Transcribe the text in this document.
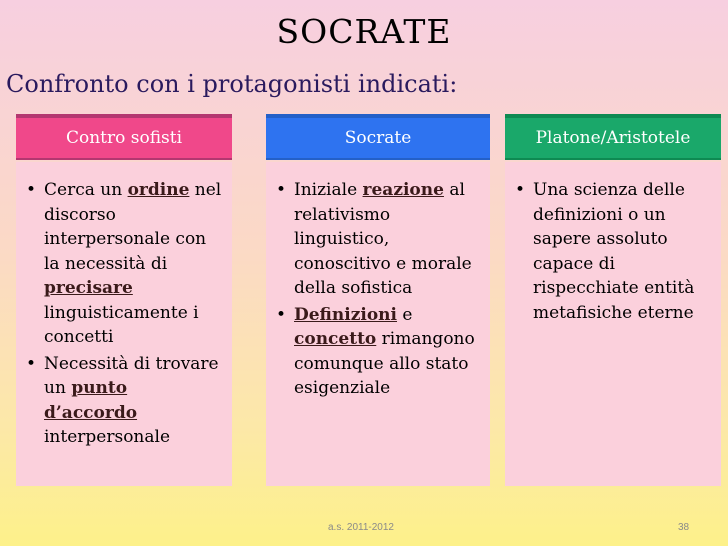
SOCRATE
Confronto con i protagonisti indicati:
Contro sofisti
• Cerca un ordine nel discorso interpersonale con la necessità di precisare linguisticamente i concetti
• Necessità di trovare un punto d’accordo interpersonale
Socrate
• Iniziale reazione al relativismo linguistico, conoscitivo e morale della sofistica
• Definizioni e concetto rimangono comunque allo stato esigenziale
Platone/Aristotele
• Una scienza delle definizioni o un sapere assoluto capace di rispecchiate entità metafisiche eterne
a.s. 2011-2012	38
